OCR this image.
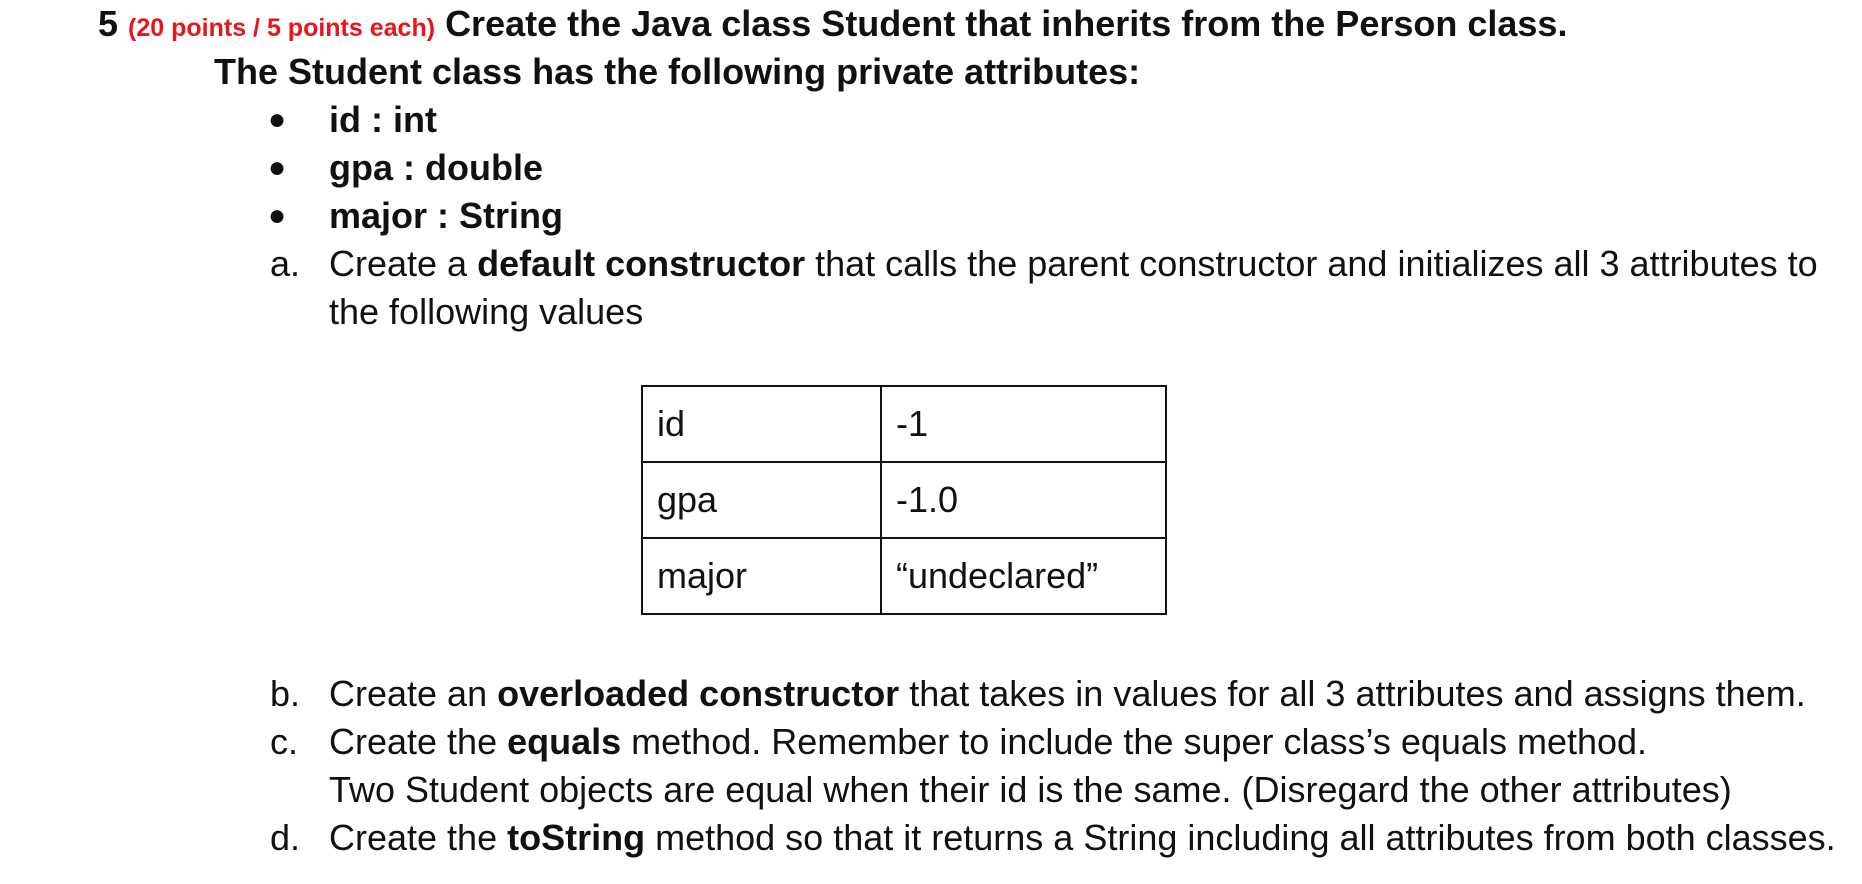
5 (20 points / 5 points each) Create the Java class Student that inherits from the Person class.
The Student class has the following private attributes:
● id : int
● gpa : double
● major : String
a. Create a default constructor that calls the parent constructor and initializes all 3 attributes to
the following values
id	-1
gpa	-1.0
major	“undeclared”
b. Create an overloaded constructor that takes in values for all 3 attributes and assigns them.
c. Create the equals method. Remember to include the super class’s equals method.
Two Student objects are equal when their id is the same. (Disregard the other attributes)
d. Create the toString method so that it returns a String including all attributes from both classes.
